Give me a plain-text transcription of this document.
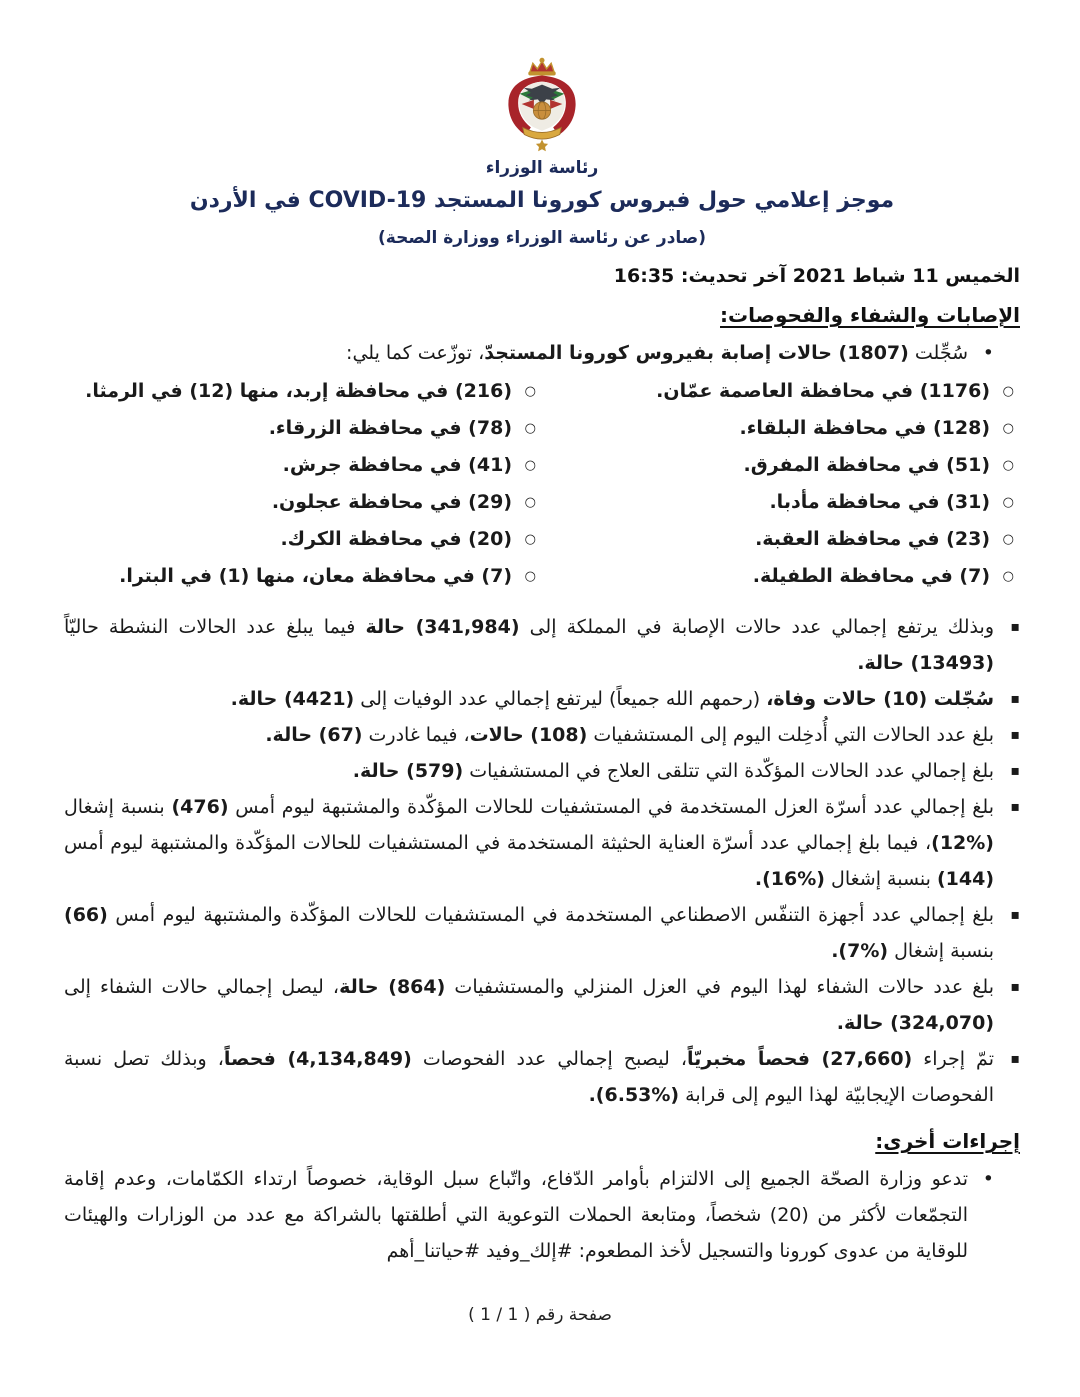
رئاسة الوزراء
موجز إعلامي حول فيروس كورونا المستجد COVID-19 في الأردن
(صادر عن رئاسة الوزراء ووزارة الصحة)
الخميس 11 شباط 2021 آخر تحديث: 16:35
الإصابات والشفاء والفحوصات:
•

سُجِّلت (1807) حالات إصابة بفيروس كورونا المستجدّ، توزّعت كما يلي:

○
(1176) في محافظة العاصمة عمّان.
○
(216) في محافظة إربد، منها (12) في الرمثا.
○
(128) في محافظة البلقاء.
○
(78) في محافظة الزرقاء.
○
(51) في محافظة المفرق.
○
(41) في محافظة جرش.
○
(31) في محافظة مأدبا.
○
(29) في محافظة عجلون.
○
(23) في محافظة العقبة.
○
(20) في محافظة الكرك.
○
(7) في محافظة الطفيلة.
○
(7) في محافظة معان، منها (1) في البترا.
▪

وبذلك يرتفع إجمالي عدد حالات الإصابة في المملكة إلى (341,984) حالة فيما يبلغ عدد الحالات النشطة حاليّاً (13493) حالة.

▪

سُجّلت (10) حالات وفاة، (رحمهم الله جميعاً) ليرتفع إجمالي عدد الوفيات إلى (4421) حالة.

▪

بلغ عدد الحالات التي أُدخِلت اليوم إلى المستشفيات (108) حالات، فيما غادرت (67) حالة.

▪

بلغ إجمالي عدد الحالات المؤكّدة التي تتلقى العلاج في المستشفيات (579) حالة.

▪

بلغ إجمالي عدد أسرّة العزل المستخدمة في المستشفيات للحالات المؤكّدة والمشتبهة ليوم أمس (476) بنسبة إشغال (%12)، فيما بلغ إجمالي عدد أسرّة العناية الحثيثة المستخدمة في المستشفيات للحالات المؤكّدة والمشتبهة ليوم أمس (144) بنسبة إشغال (%16).

▪

بلغ إجمالي عدد أجهزة التنفّس الاصطناعي المستخدمة في المستشفيات للحالات المؤكّدة والمشتبهة ليوم أمس (66) بنسبة إشغال (%7).

▪

بلغ عدد حالات الشفاء لهذا اليوم في العزل المنزلي والمستشفيات (864) حالة، ليصل إجمالي حالات الشفاء إلى (324,070) حالة.

▪

تمّ إجراء (27,660) فحصاً مخبريّاً، ليصبح إجمالي عدد الفحوصات (4,134,849) فحصاً، وبذلك تصل نسبة الفحوصات الإيجابيّة لهذا اليوم إلى قرابة (%6.53).

إجراءات أخرى:
•

تدعو وزارة الصحّة الجميع إلى الالتزام بأوامر الدّفاع، واتّباع سبل الوقاية، خصوصاً ارتداء الكمّامات، وعدم إقامة التجمّعات لأكثر من (20) شخصاً، ومتابعة الحملات التوعوية التي أطلقتها بالشراكة مع عدد من الوزارات والهيئات للوقاية من عدوى كورونا والتسجيل لأخذ المطعوم: #إلك_وفيد #حياتنا_أهم

صفحة رقم ( 1 / 1 )
